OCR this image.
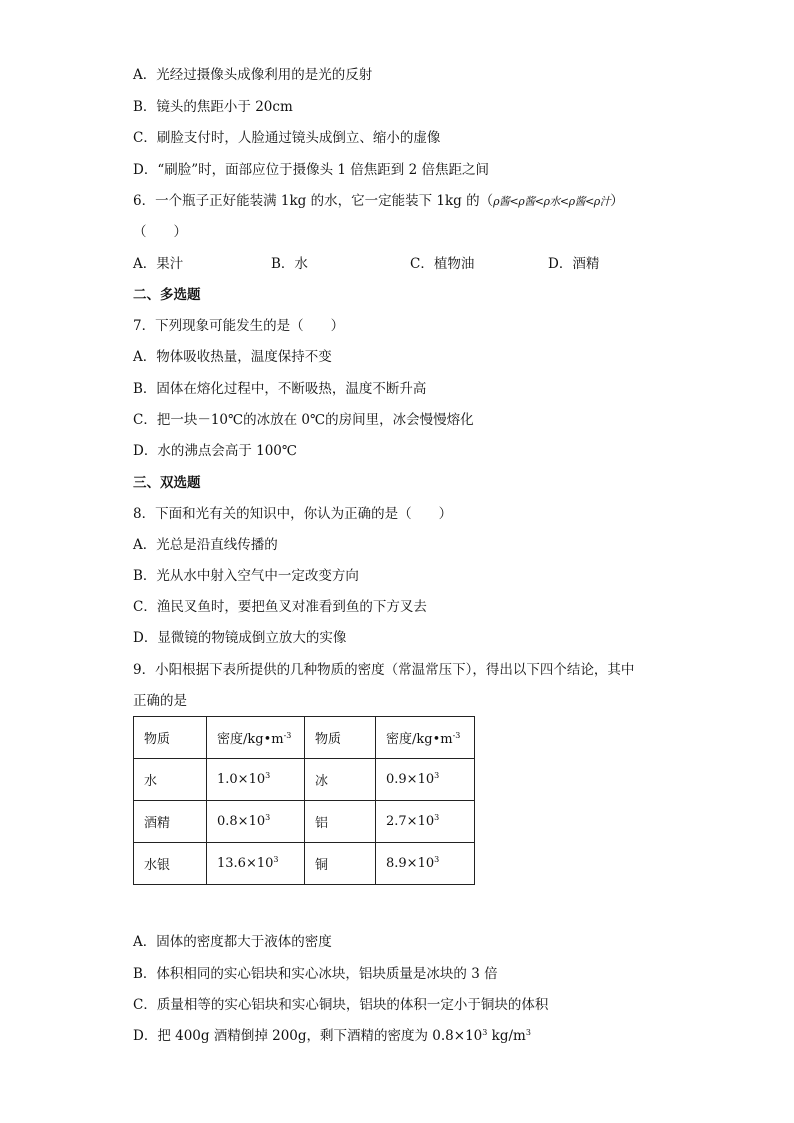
A．光经过摄像头成像利用的是光的反射
B．镜头的焦距小于 20cm
C．刷脸支付时，人脸通过镜头成倒立、缩小的虚像
D．“刷脸”时，面部应位于摄像头 1 倍焦距到 2 倍焦距之间
6．一个瓶子正好能装满 1kg 的水，它一定能装下 1kg 的（ρ酱<ρ酱<ρ水<ρ酱<ρ汁）
（　　）
A．果汁	B．水	C．植物油	D．酒精
二、多选题
7．下列现象可能发生的是（　　）
A．物体吸收热量，温度保持不变
B．固体在熔化过程中，不断吸热，温度不断升高
C．把一块－10℃的冰放在 0℃的房间里，冰会慢慢熔化
D．水的沸点会高于 100℃
三、双选题
8．下面和光有关的知识中，你认为正确的是（　　）
A．光总是沿直线传播的
B．光从水中射入空气中一定改变方向
C．渔民叉鱼时，要把鱼叉对准看到鱼的下方叉去
D．显微镜的物镜成倒立放大的实像
9．小阳根据下表所提供的几种物质的密度（常温常压下），得出以下四个结论，其中
正确的是
物质	密度$/kg•m^{-3}$	物质	密度$/kg•m^{-3}$
水	$1.0\times 10^3$	冰	$0.9\times 10^3$
酒精	$0.8\times 10^3$	铝	$2.7\times 10^3$
水银	$13.6\times 10^3$	铜	$8.9\times 10^3$
A．固体的密度都大于液体的密度
B．体积相同的实心铝块和实心冰块，铝块质量是冰块的 3 倍
C．质量相等的实心铝块和实心铜块，铝块的体积一定小于铜块的体积
D．把 400g 酒精倒掉 200g，剩下酒精的密度为 $0.8\times 10^3$ $kg/m^3$
